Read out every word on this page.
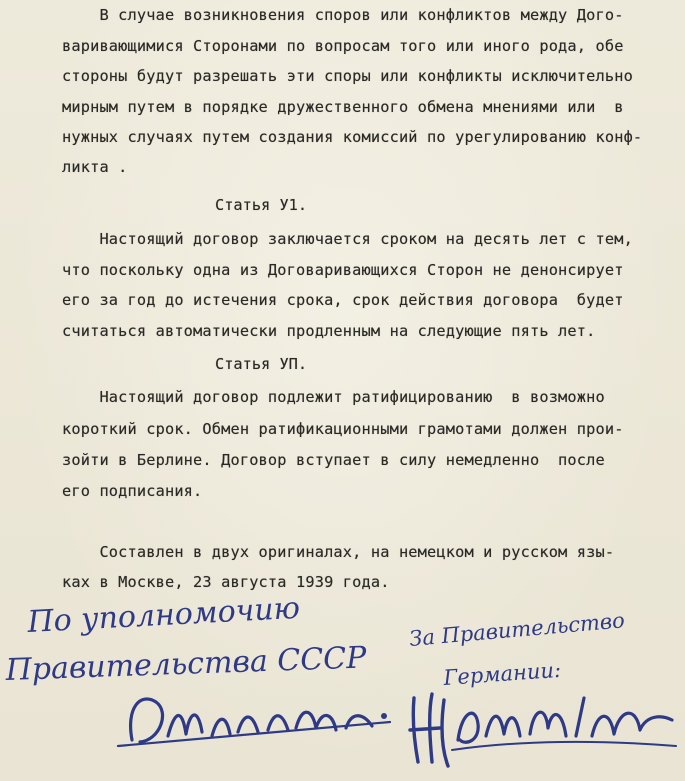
В случае возникновения споров или конфликтов между Дого-

варивающимися Сторонами по вопросам того или иного рода, обе

стороны будут разрешать эти споры или конфликты исключительно

мирным путем в порядке дружественного обмена мнениями или  в

нужных случаях путем создания комиссий по урегулированию конф-

ликта .

Статья У1.

Настоящий договор заключается сроком на десять лет с тем,

что поскольку одна из Договаривающихся Сторон не денонсирует

его за год до истечения срока, срок действия договора  будет

считаться автоматически продленным на следующие пять лет.

Статья УП.

Настоящий договор подлежит ратифицированию  в возможно

короткий срок. Обмен ратификационными грамотами должен прои-

зойти в Берлине. Договор вступает в силу немедленно  после

его подписания.

Составлен в двух оригиналах, на немецком и русском язы-

ках в Москве, 23 августа 1939 года.

По уполномочию
Правительства СССР
За Правительство
Германии:
